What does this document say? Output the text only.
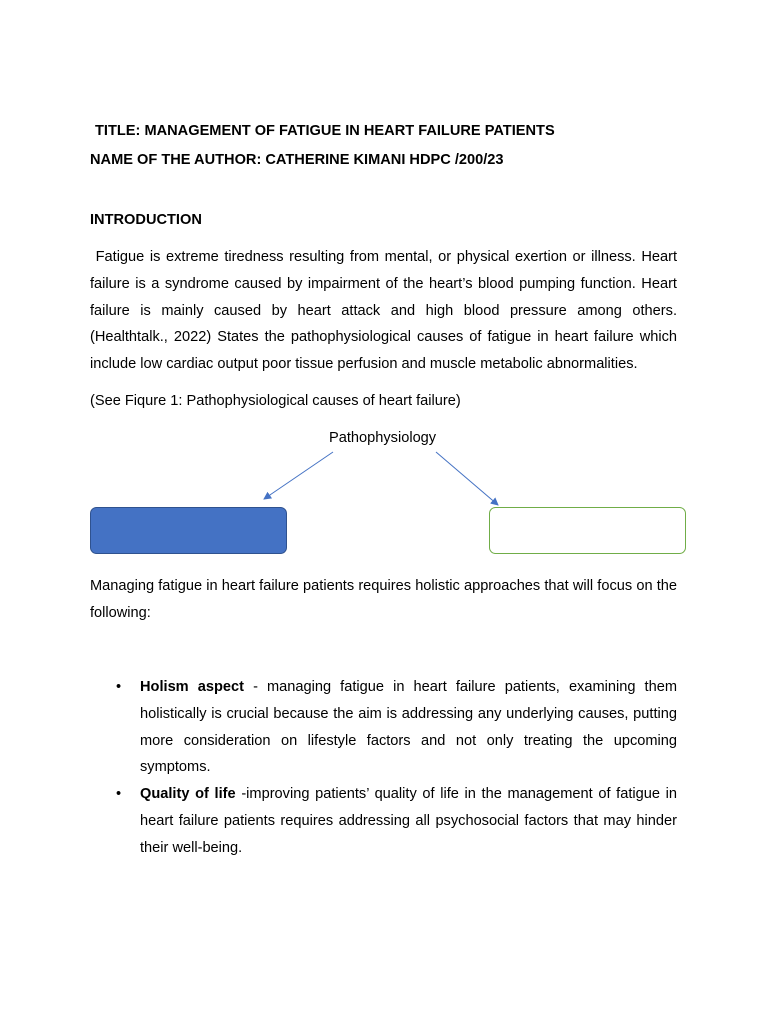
TITLE: MANAGEMENT OF FATIGUE IN HEART FAILURE PATIENTS
NAME OF THE AUTHOR: CATHERINE KIMANI HDPC /200/23
INTRODUCTION
Fatigue is extreme tiredness resulting from mental, or physical exertion or illness. Heart failure is a syndrome caused by impairment of the heart’s blood pumping function. Heart failure is mainly caused by heart attack and high blood pressure among others. (Healthtalk., 2022) States the pathophysiological causes of fatigue in heart failure which include low cardiac output poor tissue perfusion and muscle metabolic abnormalities.
(See Fiqure 1: Pathophysiological causes of heart failure)
Pathophysiology
Managing fatigue in heart failure patients requires holistic approaches that will focus on the following:
• Holism aspect - managing fatigue in heart failure patients, examining them holistically is crucial because the aim is addressing any underlying causes, putting more consideration on lifestyle factors and not only treating the upcoming symptoms.
• Quality of life -improving patients’ quality of life in the management of fatigue in heart failure patients requires addressing all psychosocial factors that may hinder their well-being.
